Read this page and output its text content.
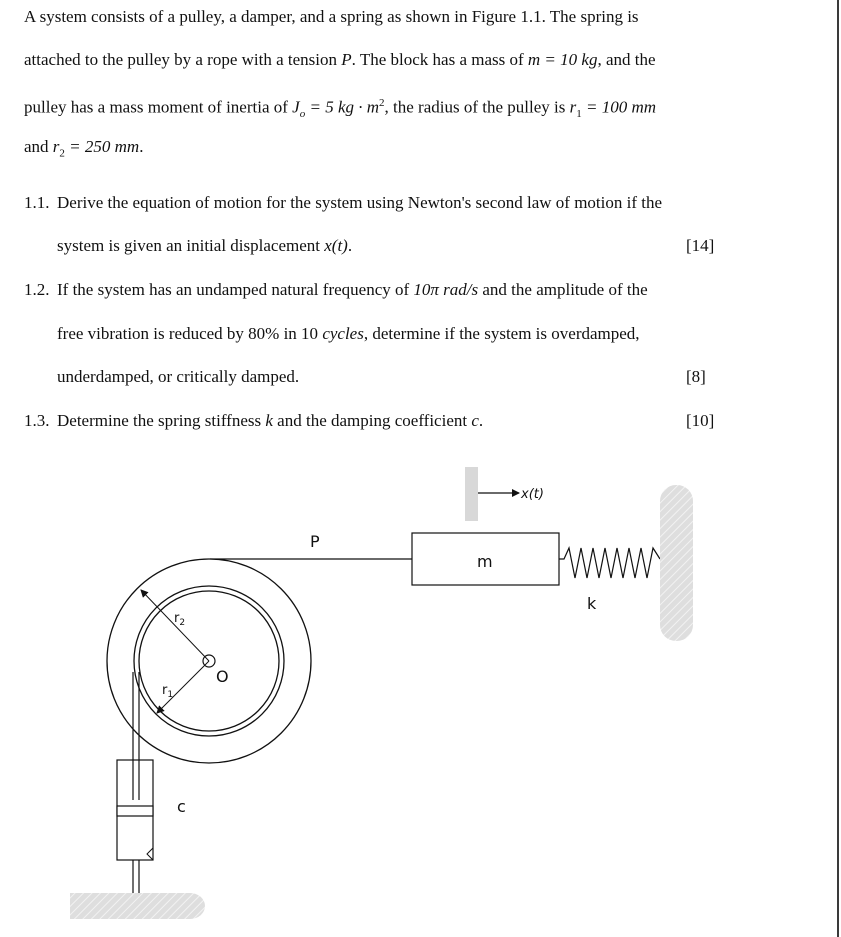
A system consists of a pulley, a damper, and a spring as shown in Figure 1.1. The spring is
attached to the pulley by a rope with a tension P. The block has a mass of m = 10 kg, and the
pulley has a mass moment of inertia of $J_o = 5$ kg · $m^2$, the radius of the pulley is $r_1 = 100$ mm
and $r_2 = 250$ mm.
1.1. Derive the equation of motion for the system using Newton's second law of motion if the
system is given an initial displacement x(t).	[14]
1.2. If the system has an undamped natural frequency of 10π rad/s and the amplitude of the
free vibration is reduced by 80% in 10 cycles, determine if the system is overdamped,
underdamped, or critically damped.	[8]
1.3. Determine the spring stiffness k and the damping coefficient c.	[10]
x(t)
P
m
k
$r_2$
$r_1$
O
c
